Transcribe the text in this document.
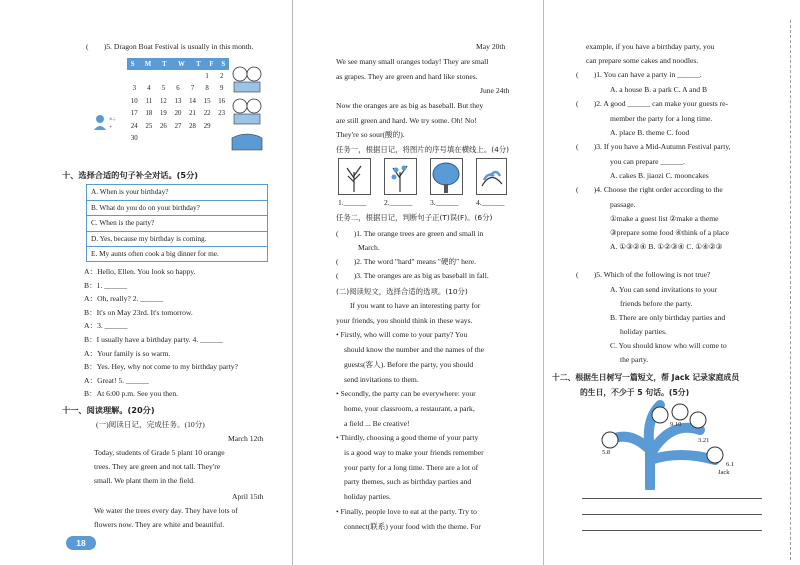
(　　)5. Dragon Boat Festival is usually in this month.
S	M	T	W	T	F	S
					1	2
3	4	5	6	7	8	9
10	11	12	13	14	15	16
17	18	19	20	21	22	23
24	25	26	27	28	29	
30						
×÷
+
十、选择合适的句子补全对话。(5分)
A. When is your birthday?
B. What do you do on your birthday?
C. When is the party?
D. Yes, because my birthday is coming.
E. My aunts often cook a big dinner for me.
A：Hello, Ellen. You look so happy.
B：1. ______
A：Oh, really? 2. ______
B：It's on May 23rd. It's tomorrow.
A：3. ______
B：I usually have a birthday party. 4. ______
A：Your family is so warm.
B：Yes. Hey, why not come to my birthday party?
A：Great! 5. ______
B：At 6:00 p.m. See you then.
十一、阅读理解。(20分)
(一)阅读日记，完成任务。(10分)
March 12th
Today, students of Grade 5 plant 10 orange
trees. They are green and not tall. They're
small. We plant them in the field.
April 15th
We water the trees every day. They have lots of
flowers now. They are white and beautiful.
18
May 20th
We see many small oranges today! They are small
as grapes. They are green and hard like stones.
June 24th
Now the oranges are as big as baseball. But they
are still green and hard. We try some. Oh! No!
They're so sour(酸的).
任务一，根据日记，将图片的序号填在横线上。(4分)
1.______ 2.______ 3.______ 4.______
任务二，根据日记，判断句子正(T)误(F)。(6分)
(　　)1. The orange trees are green and small in
March.
(　　)2. The word "hard" means "硬的" here.
(　　)3. The oranges are as big as baseball in fall.
(二)阅读短文，选择合适的选项。(10分)
If you want to have an interesting party for
your friends, you should think in these ways.
• Firstly, who will come to your party? You
should know the number and the names of the
guests(客人). Before the party, you should
send invitations to them.
• Secondly, the party can be everywhere: your
home, your classroom, a restaurant, a park,
a field ... Be creative!
• Thirdly, choosing a good theme of your party
is a good way to make your friends remember
your party for a long time. There are a lot of
party themes, such as birthday parties and
holiday parties.
• Finally, people love to eat at the party. Try to
connect(联系) your food with the theme. For
example, if you have a birthday party, you
can prepare some cakes and noodles.
(　　)1. You can have a party in ______.
A. a house B. a park C. A and B
(　　)2. A good ______ can make your guests re-
member the party for a long time.
A. place B. theme C. food
(　　)3. If you have a Mid-Autumn Festival party,
you can prepare ______.
A. cakes B. jiaozi C. mooncakes
(　　)4. Choose the right order according to the
passage.
①make a guest list ②make a theme
③prepare some food ④think of a place
A. ①③②④ B. ①②③④ C. ①④②③
(　　)5. Which of the following is not true?
A. You can send invitations to your
friends before the party.
B. There are only birthday parties and
holiday parties.
C. You should know who will come to
the party.
十二、根据生日树写一篇短文，帮 Jack 记录家庭成员
的生日，不少于 5 句话。(5分)
5.8
9.10
3.21
6.1
Jack
